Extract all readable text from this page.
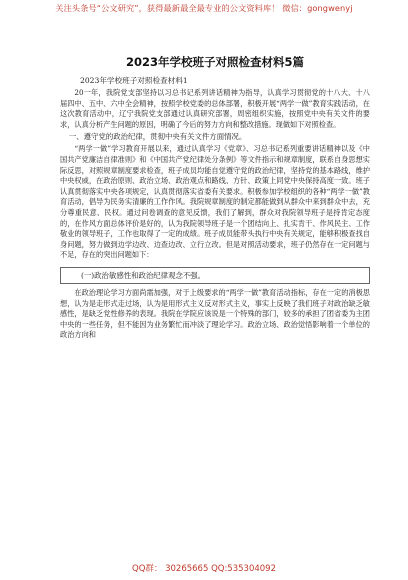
关注头条号“公文研究”，获得最新最全最专业的公文资料库！ 微信：gongwenyj
2023年学校班子对照检查材料5篇
2023年学校班子对照检查材料1

20一年，我院党支部坚持以习总书记系列讲话精神为指导，认真学习贯彻党的十八大、十八届四中、五中、六中全会精神，按照学校党委的总体部署，积极开展“两学一做”教育实践活动，在这次教育活动中，辽宁我院党支部通过认真研究部署，周密组织实施，按照党中央有关文件的要求，认真分析产生问题的原因，明确了今后的努力方向和整改措施。现做如下对照检查。

一、遵守党的政治纪律，贯彻中央有关文件方面情况。

“两学一做”学习教育开展以来，通过认真学习《党章》、习总书记系列重要讲话精神以及《中国共产党廉洁自律准则》和《中国共产党纪律处分条例》等文件指示和规章制度，联系自身思想实际反思，对照规章制度要求检查，班子成员均能自觉遵守党的政治纪律，坚持党的基本路线，维护中央权威，在政治原则、政治立场、政治观点和路线、方针、政策上同党中央保持高度一致。班子认真贯彻落实中央各项规定，认真贯彻落实省委有关要求。积极参加学校组织的各种“两学一做”教育活动，倡导为民务实清廉的工作作风。我院规章制度的制定都能做到从群众中来到群众中去，充分尊重民意、民权。通过问卷调查的意见反馈，我们了解到，群众对我院领导班子是持肯定态度的，在作风方面总体评价是好的，认为我院领导班子是一个团结向上、扎实肯干、作风民主、工作敬业的领导班子，工作也取得了一定的成绩。班子成员能带头执行中央有关规定，能够积极查找自身问题，努力做到边学边改、边查边改、立行立改。但是对照活动要求，班子仍然存在一定问题与不足，存在的突出问题如下：

(一)政治敏感性和政治纪律观念不强。

在政治理论学习方面尚需加强，对于上级要求的“两学一做”教育活动指标，存在一定的消极思想，认为是走形式走过场，认为是用形式主义反对形式主义，事实上反映了我们班子对政治缺乏敏感性，是缺乏党性修养的表现。我院在学院应该说是一个特殊的部门，较多的承担了团省委为主团中央的一些任务，但不能因为业务繁忙而冲淡了理论学习。政治立场、政治觉悟影响着一个单位的政治方向和

QQ群： 30265665 QQ:535304092
